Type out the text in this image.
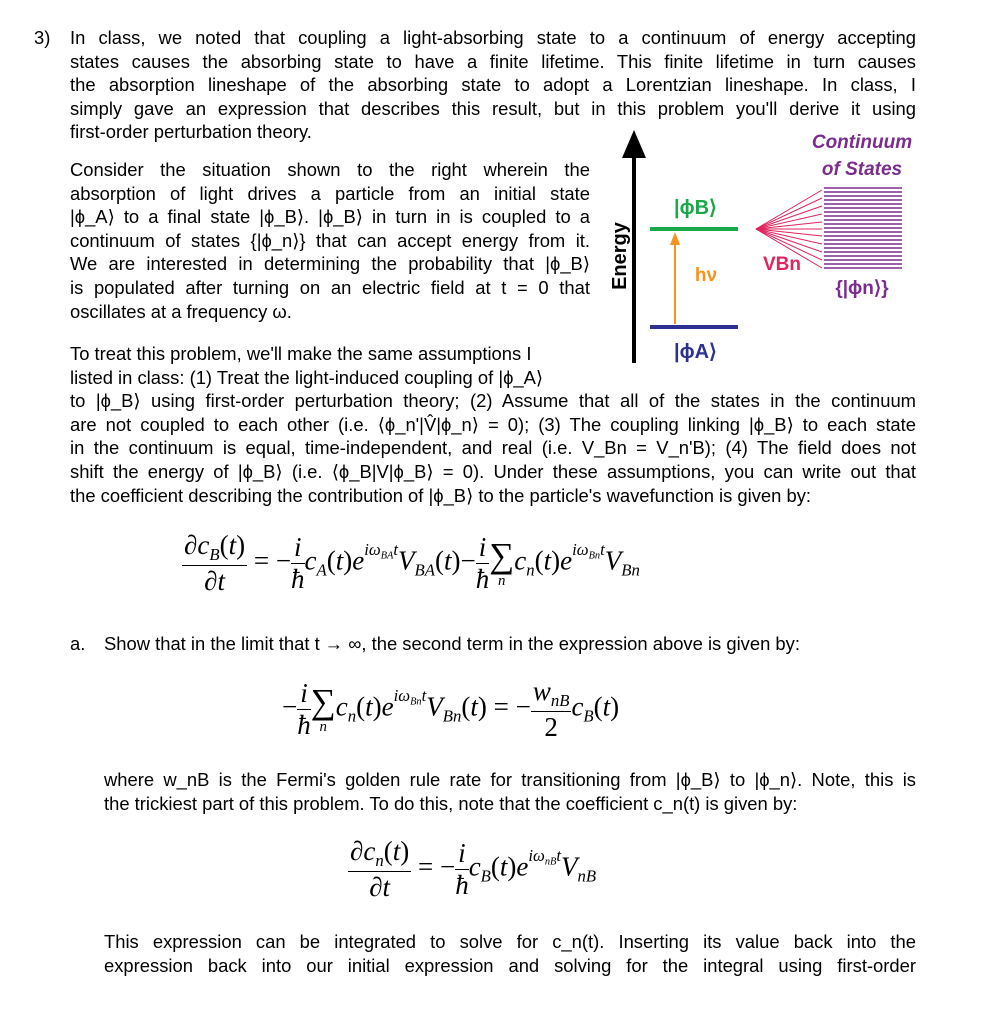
3) In class, we noted that coupling a light-absorbing state to a continuum of energy accepting
states causes the absorbing state to have a finite lifetime. This finite lifetime in turn causes
the absorption lineshape of the absorbing state to adopt a Lorentzian lineshape. In class, I
simply gave an expression that describes this result, but in this problem you'll derive it using
first-order perturbation theory.
Consider the situation shown to the right wherein the
absorption of light drives a particle from an initial state
|ϕ_A⟩ to a final state |ϕ_B⟩. |ϕ_B⟩ in turn in is coupled to a
continuum of states {|ϕ_n⟩} that can accept energy from it.
We are interested in determining the probability that |ϕ_B⟩
is populated after turning on an electric field at t = 0 that
oscillates at a frequency ω.
To treat this problem, we'll make the same assumptions I
listed in class: (1) Treat the light-induced coupling of |ϕ_A⟩
to |ϕ_B⟩ using first-order perturbation theory; (2) Assume that all of the states in the continuum
are not coupled to each other (i.e. ⟨ϕ_n'|V̂|ϕ_n⟩ = 0); (3) The coupling linking |ϕ_B⟩ to each state
in the continuum is equal, time-independent, and real (i.e. V_Bn = V_n'B); (4) The field does not
shift the energy of |ϕ_B⟩ (i.e. ⟨ϕ_B|V|ϕ_B⟩ = 0). Under these assumptions, you can write out that
the coefficient describing the contribution of |ϕ_B⟩ to the particle's wavefunction is given by:
$\frac{\partial c_B(t)}{\partial t}$ = − $\frac{i}{ħ} c_A(t)e^{i\omega_{BA}t}V_{BA}(t)- \frac{i}{ħ}$ ∑
n
$c_n(t)e^{i\omega_{Bn}t}V_{Bn}$
a. Show that in the limit that t → ∞, the second term in the expression above is given by:
− $\frac{i}{ħ}$ ∑
n
$c_n(t)e^{i\omega_{Bn}t}V_{Bn}(t)$ = − $\frac{w_{nB}}{2} c_B(t)$
where w_nB is the Fermi's golden rule rate for transitioning from |ϕ_B⟩ to |ϕ_n⟩. Note, this is
the trickiest part of this problem. To do this, note that the coefficient c_n(t) is given by:
$\frac{\partial c_n(t)}{\partial t}$ = − $\frac{i}{ħ} c_B(t)e^{i\omega_{nB}t}V_{nB}$
This expression can be integrated to solve for c_n(t). Inserting its value back into the
expression back into our initial expression and solving for the integral using first-order
Energy
|ϕB⟩
|ϕA⟩
hν
VBn
Continuum
of States
{|ϕn⟩}
